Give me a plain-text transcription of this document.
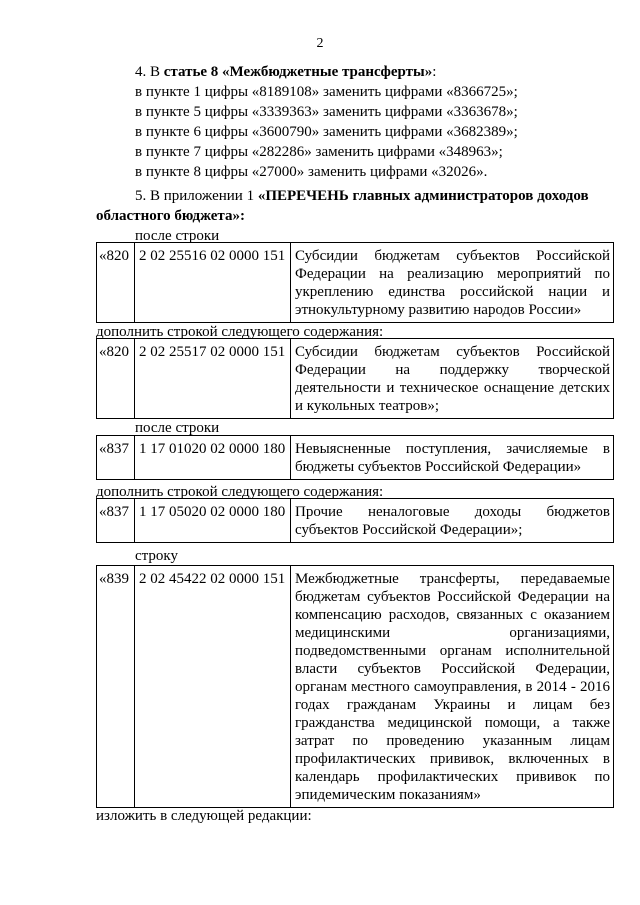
2
4. В статье 8 «Межбюджетные трансферты»:
в пункте 1 цифры «8189108» заменить цифрами «8366725»;
в пункте 5 цифры «3339363» заменить цифрами «3363678»;
в пункте 6 цифры «3600790» заменить цифрами «3682389»;
в пункте 7 цифры «282286» заменить цифрами «348963»;
в пункте 8 цифры «27000» заменить цифрами «32026».
5. В приложении 1 «ПЕРЕЧЕНЬ главных администраторов доходов
областного бюджета»:
после строки
«820	2 02 25516 02 0000 151	Субсидии бюджетам субъектов Российской Федерации на реализацию мероприятий по укреплению единства российской нации и этнокультурному развитию народов России»
дополнить строкой следующего содержания:
«820	2 02 25517 02 0000 151	Субсидии бюджетам субъектов Российской Федерации на поддержку творческой деятельности и техническое оснащение детских и кукольных театров»;
после строки
«837	1 17 01020 02 0000 180	Невыясненные поступления, зачисляемые в бюджеты субъектов Российской Федерации»
дополнить строкой следующего содержания:
«837	1 17 05020 02 0000 180	Прочие неналоговые доходы бюджетов субъектов Российской Федерации»;
строку
«839	2 02 45422 02 0000 151	Межбюджетные трансферты, передаваемые бюджетам субъектов Российской Федерации на компенсацию расходов, связанных с оказанием медицинскими организациями, подведомственными органам исполнительной власти субъектов Российской Федерации, органам местного самоуправления, в 2014 - 2016 годах гражданам Украины и лицам без гражданства медицинской помощи, а также затрат по проведению указанным лицам профилактических прививок, включенных в календарь профилактических прививок по эпидемическим показаниям»
изложить в следующей редакции:
